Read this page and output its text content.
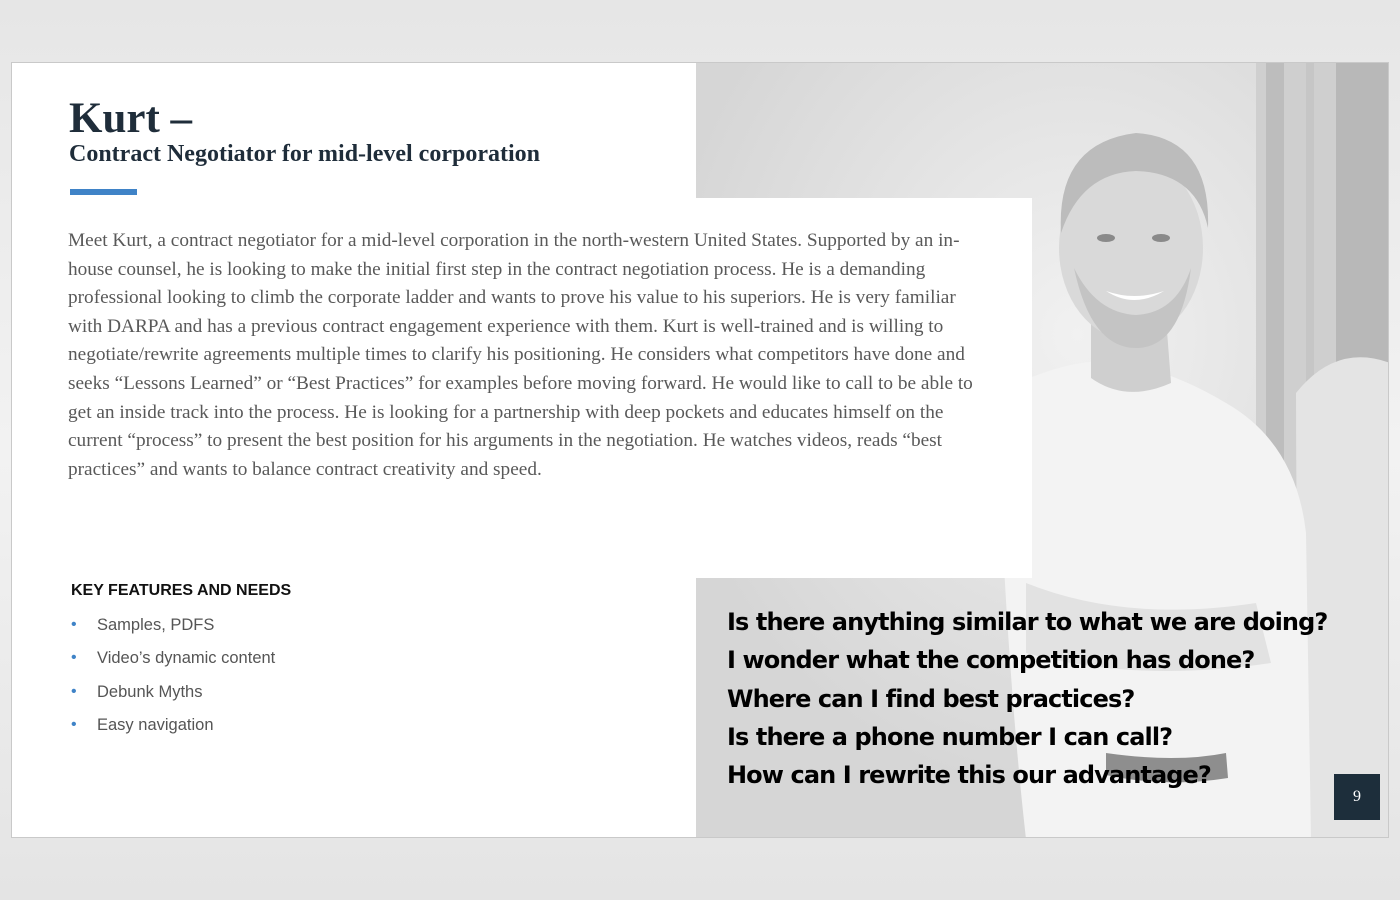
Kurt –
Contract Negotiator for mid-level corporation

Meet Kurt, a contract negotiator for a mid-level corporation in the north-western United States. Supported by an in-house counsel, he is looking to make the initial first step in the contract negotiation process. He is a demanding professional looking to climb the corporate ladder and wants to prove his value to his superiors. He is very familiar with DARPA and has a previous contract engagement experience with them. Kurt is well-trained and is willing to negotiate/rewrite agreements multiple times to clarify his positioning. He considers what competitors have done and seeks “Lessons Learned” or “Best Practices” for examples before moving forward. He would like to call to be able to get an inside track into the process. He is looking for a partnership with deep pockets and educates himself on the current “process” to present the best position for his arguments in the negotiation. He watches videos, reads “best practices” and wants to balance contract creativity and speed.

KEY FEATURES AND NEEDS
• Samples, PDFS
• Video’s dynamic content
• Debunk Myths
• Easy navigation
Is there anything similar to what we are doing?
I wonder what the competition has done?
Where can I find best practices?
Is there a phone number I can call?
How can I rewrite this our advantage?
9
